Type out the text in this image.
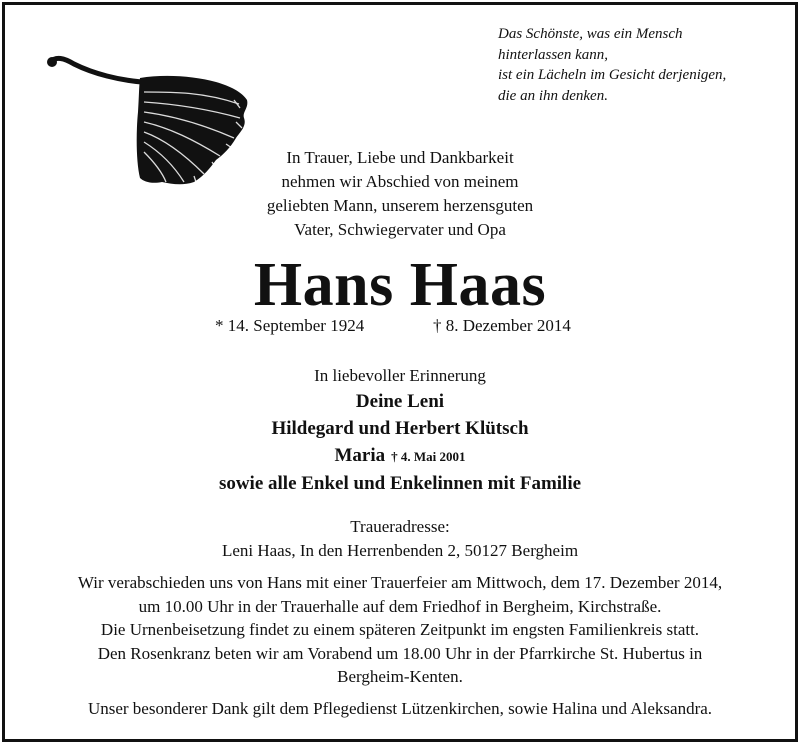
Das Schönste, was ein Mensch
hinterlassen kann,
ist ein Lächeln im Gesicht derjenigen,
die an ihn denken.
In Trauer, Liebe und Dankbarkeit
nehmen wir Abschied von meinem
geliebten Mann, unserem herzensguten
Vater, Schwiegervater und Opa
Hans Haas
* 14. September 1924	† 8. Dezember 2014
In liebevoller Erinnerung
Deine Leni
Hildegard und Herbert Klütsch
Maria † 4. Mai 2001
sowie alle Enkel und Enkelinnen mit Familie
Traueradresse:
Leni Haas, In den Herrenbenden 2, 50127 Bergheim
Wir verabschieden uns von Hans mit einer Trauerfeier am Mittwoch, dem 17. Dezember 2014,
um 10.00 Uhr in der Trauerhalle auf dem Friedhof in Bergheim, Kirchstraße.
Die Urnenbeisetzung findet zu einem späteren Zeitpunkt im engsten Familienkreis statt.
Den Rosenkranz beten wir am Vorabend um 18.00 Uhr in der Pfarrkirche St. Hubertus in
Bergheim-Kenten.
Unser besonderer Dank gilt dem Pflegedienst Lützenkirchen, sowie Halina und Aleksandra.
